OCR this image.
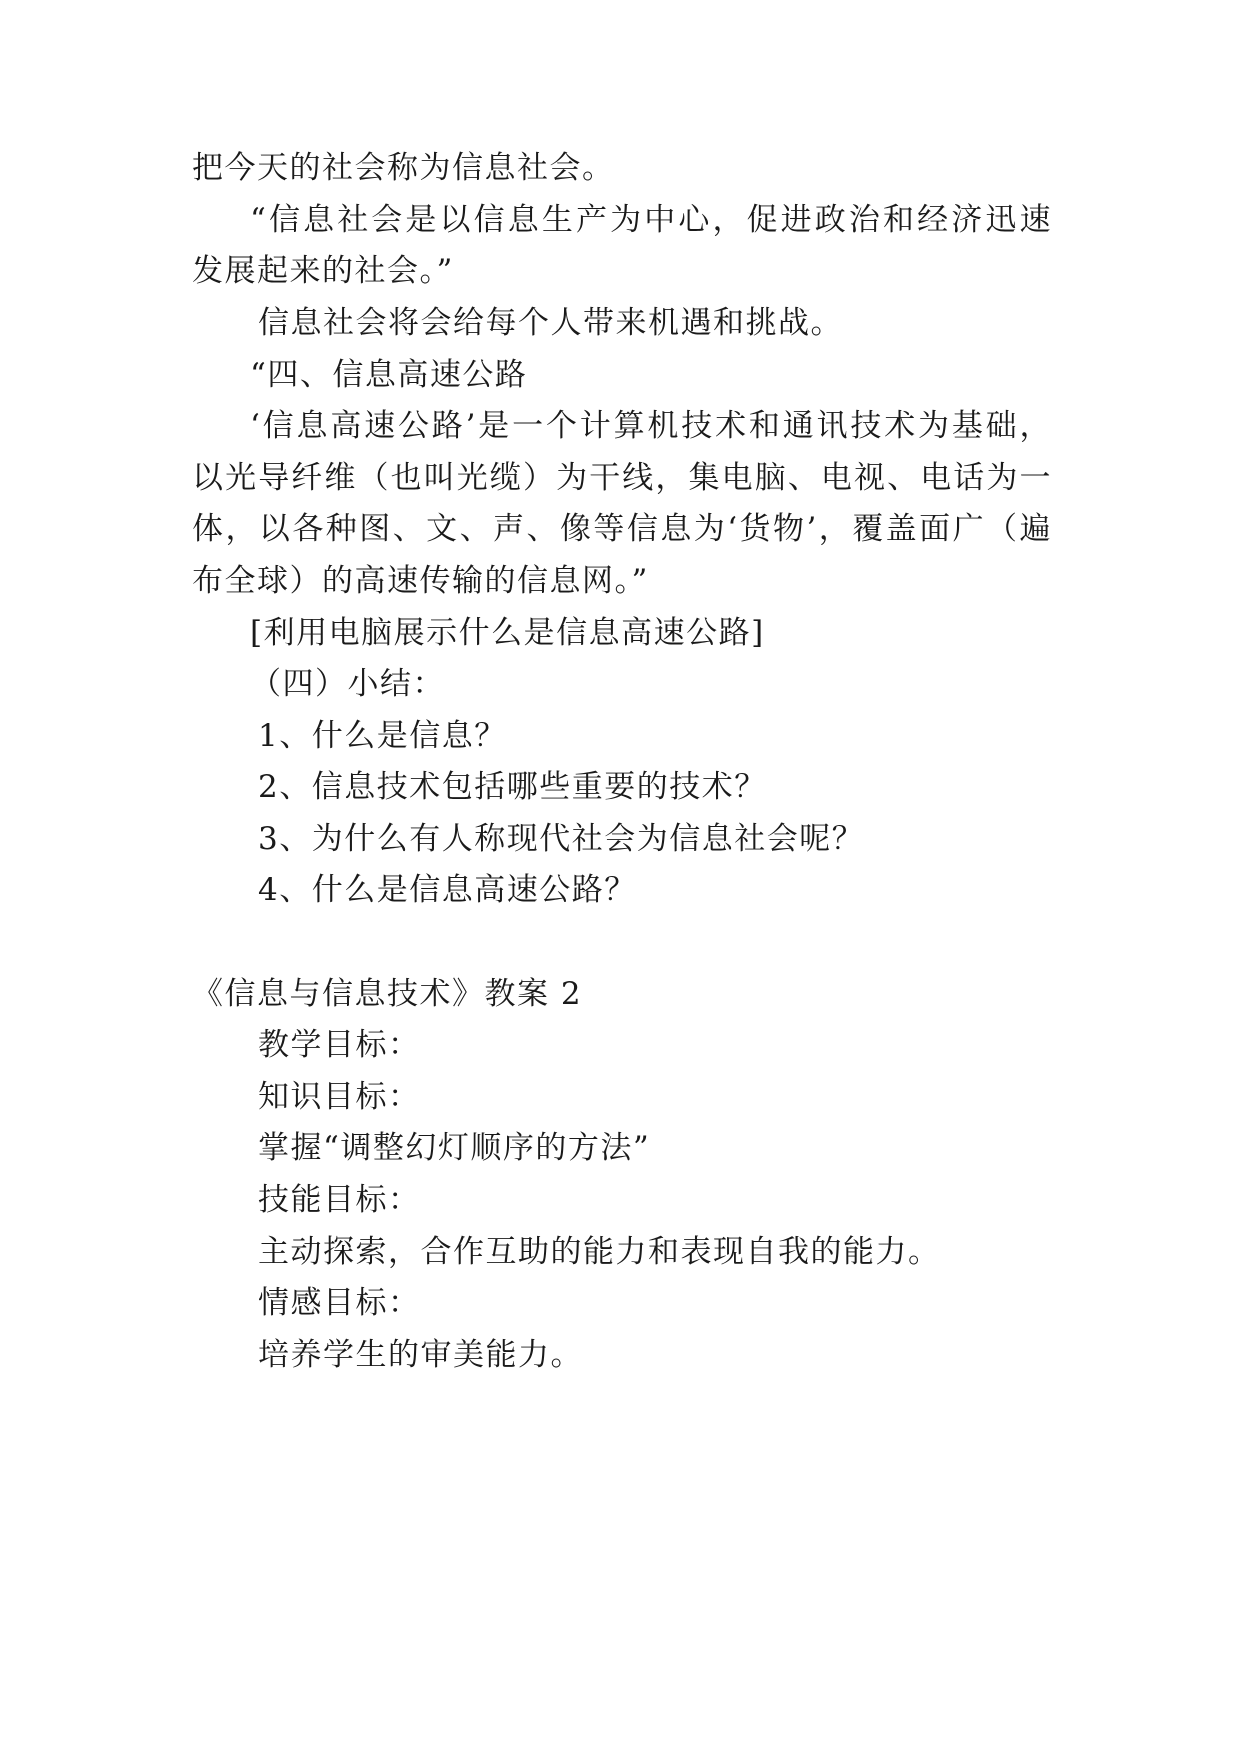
把今天的社会称为信息社会。
“信息社会是以信息生产为中心，促进政治和经济迅速
发展起来的社会。”
信息社会将会给每个人带来机遇和挑战。
“四、信息高速公路
‘信息高速公路’是一个计算机技术和通讯技术为基础，
以光导纤维（也叫光缆）为干线，集电脑、电视、电话为一
体，以各种图、文、声、像等信息为‘货物’，覆盖面广（遍
布全球）的高速传输的信息网。”
[利用电脑展示什么是信息高速公路]
（四）小结：
1、什么是信息？
2、信息技术包括哪些重要的技术？
3、为什么有人称现代社会为信息社会呢？
4、什么是信息高速公路？
《信息与信息技术》教案 2
教学目标：
知识目标：
掌握“调整幻灯顺序的方法”
技能目标：
主动探索，合作互助的能力和表现自我的能力。
情感目标：
培养学生的审美能力。
